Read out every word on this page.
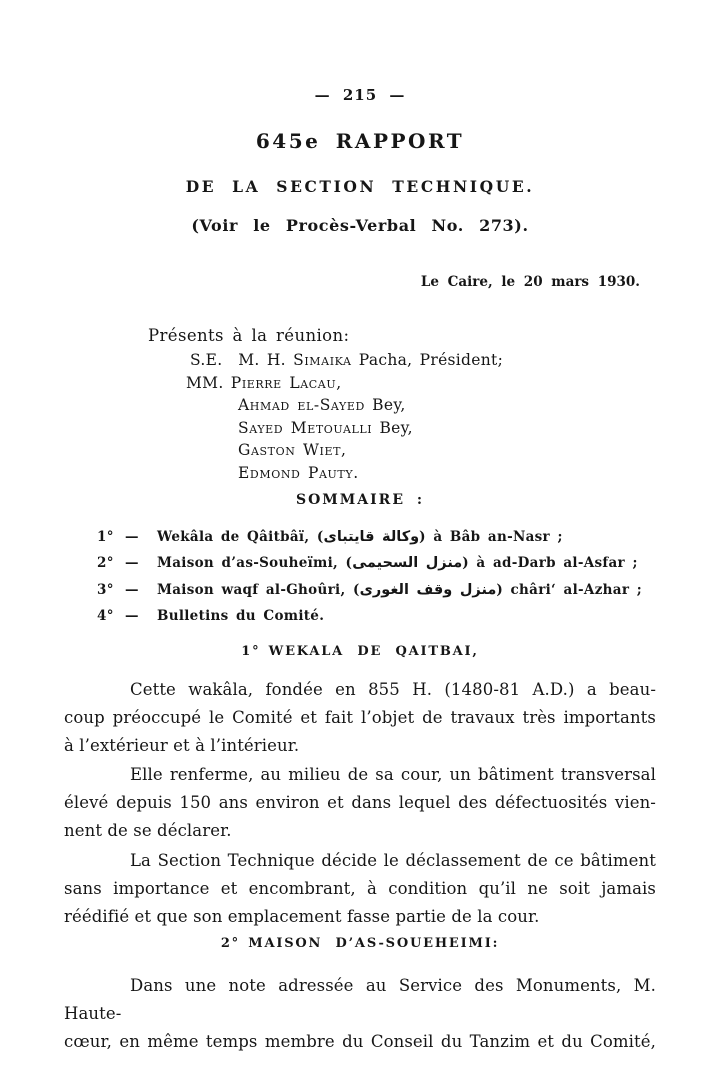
— 215 —
645e RAPPORT
DE LA SECTION TECHNIQUE.
(Voir le Procès-Verbal No. 273).
Le Caire, le 20 mars 1930.
Présents à la réunion:
S.E. M. H. Simaika Pacha, Président;
MM. Pierre Lacau,
Ahmad el-Sayed Bey,
Sayed Metoualli Bey,
Gaston Wiet,
Edmond Pauty.
SOMMAIRE :
1° — Wekâla de Qâitbâï, (وكالة قايتباى) à Bâb an-Nasr ;
2° — Maison d’as-Souheïmi, (منزل السحيمى) à ad-Darb al-Asfar ;
3° — Maison waqf al-Ghoûri, (منزل وقف الغورى) châri‘ al-Azhar ;
4° — Bulletins du Comité.
1° WEKALA DE QAITBAI,
Cette wakâla, fondée en 855 H. (1480-81 A.D.) a beau-
coup préoccupé le Comité et fait l’objet de travaux très importants
à l’extérieur et à l’intérieur.
Elle renferme, au milieu de sa cour, un bâtiment transversal
élevé depuis 150 ans environ et dans lequel des défectuosités vien-
nent de se déclarer.
La Section Technique décide le déclassement de ce bâtiment
sans importance et encombrant, à condition qu’il ne soit jamais
réédifié et que son emplacement fasse partie de la cour.
2° MAISON D’AS-SOUEHEIMI:
Dans une note adressée au Service des Monuments, M. Haute-
cœur, en même temps membre du Conseil du Tanzim et du Comité,
